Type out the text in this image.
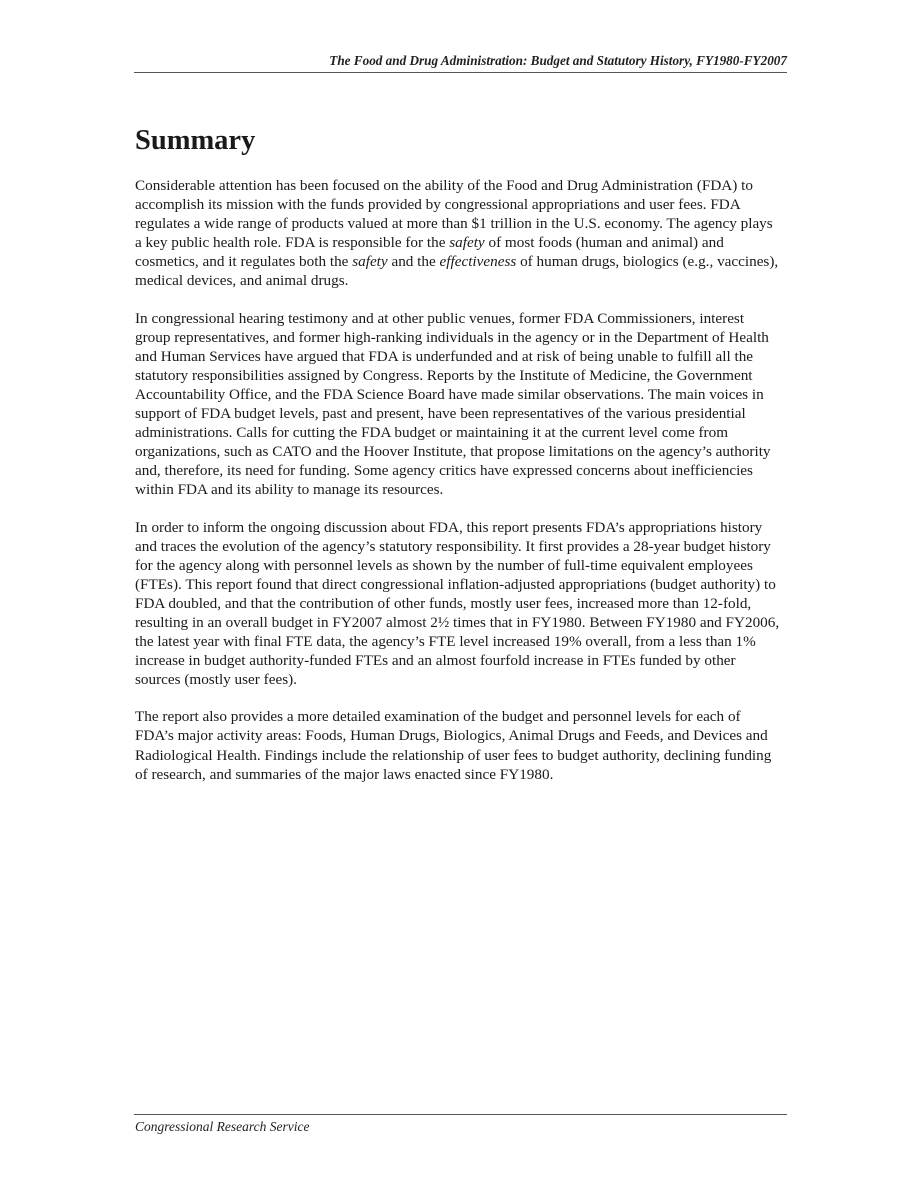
The Food and Drug Administration: Budget and Statutory History, FY1980-FY2007
Summary

Considerable attention has been focused on the ability of the Food and Drug Administration (FDA) to accomplish its mission with the funds provided by congressional appropriations and user fees. FDA regulates a wide range of products valued at more than $1 trillion in the U.S. economy. The agency plays a key public health role. FDA is responsible for the safety of most foods (human and animal) and cosmetics, and it regulates both the safety and the effectiveness of human drugs, biologics (e.g., vaccines), medical devices, and animal drugs.

In congressional hearing testimony and at other public venues, former FDA Commissioners, interest group representatives, and former high-ranking individuals in the agency or in the Department of Health and Human Services have argued that FDA is underfunded and at risk of being unable to fulfill all the statutory responsibilities assigned by Congress. Reports by the Institute of Medicine, the Government Accountability Office, and the FDA Science Board have made similar observations. The main voices in support of FDA budget levels, past and present, have been representatives of the various presidential administrations. Calls for cutting the FDA budget or maintaining it at the current level come from organizations, such as CATO and the Hoover Institute, that propose limitations on the agency’s authority and, therefore, its need for funding. Some agency critics have expressed concerns about inefficiencies within FDA and its ability to manage its resources.

In order to inform the ongoing discussion about FDA, this report presents FDA’s appropriations history and traces the evolution of the agency’s statutory responsibility. It first provides a 28-year budget history for the agency along with personnel levels as shown by the number of full-time equivalent employees (FTEs). This report found that direct congressional inflation-adjusted appropriations (budget authority) to FDA doubled, and that the contribution of other funds, mostly user fees, increased more than 12-fold, resulting in an overall budget in FY2007 almost 2½ times that in FY1980. Between FY1980 and FY2006, the latest year with final FTE data, the agency’s FTE level increased 19% overall, from a less than 1% increase in budget authority-funded FTEs and an almost fourfold increase in FTEs funded by other sources (mostly user fees).

The report also provides a more detailed examination of the budget and personnel levels for each of FDA’s major activity areas: Foods, Human Drugs, Biologics, Animal Drugs and Feeds, and Devices and Radiological Health. Findings include the relationship of user fees to budget authority, declining funding of research, and summaries of the major laws enacted since FY1980.

Congressional Research Service
